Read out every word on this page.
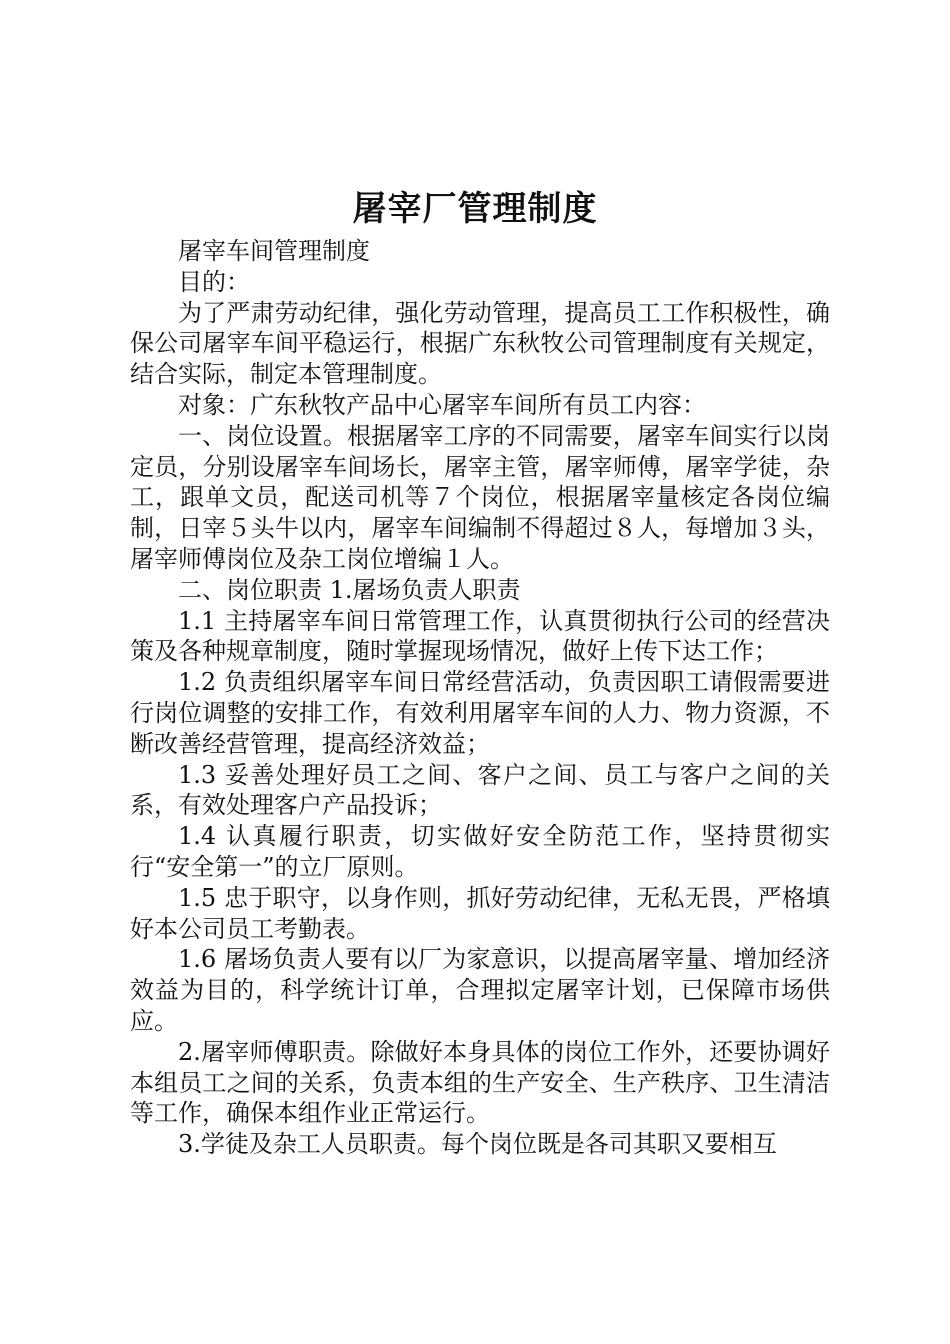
屠宰厂管理制度

屠宰车间管理制度

目的：

为了严肃劳动纪律，强化劳动管理，提高员工工作积极性，确保公司屠宰车间平稳运行，根据广东秋牧公司管理制度有关规定，结合实际，制定本管理制度。

对象：广东秋牧产品中心屠宰车间所有员工内容：

一、岗位设置。根据屠宰工序的不同需要，屠宰车间实行以岗定员，分别设屠宰车间场长，屠宰主管，屠宰师傅，屠宰学徒，杂工，跟单文员，配送司机等７个岗位，根据屠宰量核定各岗位编制，日宰５头牛以内，屠宰车间编制不得超过８人，每增加３头，屠宰师傅岗位及杂工岗位增编１人。

二、岗位职责 1.屠场负责人职责

1.1 主持屠宰车间日常管理工作，认真贯彻执行公司的经营决策及各种规章制度，随时掌握现场情况，做好上传下达工作；

1.2 负责组织屠宰车间日常经营活动，负责因职工请假需要进行岗位调整的安排工作，有效利用屠宰车间的人力、物力资源，不断改善经营管理，提高经济效益；

1.3 妥善处理好员工之间、客户之间、员工与客户之间的关系，有效处理客户产品投诉；

1.4 认真履行职责，切实做好安全防范工作，坚持贯彻实行“安全第一”的立厂原则。

1.5 忠于职守，以身作则，抓好劳动纪律，无私无畏，严格填好本公司员工考勤表。

1.6 屠场负责人要有以厂为家意识，以提高屠宰量、增加经济效益为目的，科学统计订单，合理拟定屠宰计划，已保障市场供应。

2.屠宰师傅职责。除做好本身具体的岗位工作外，还要协调好本组员工之间的关系，负责本组的生产安全、生产秩序、卫生清洁等工作，确保本组作业正常运行。

3.学徒及杂工人员职责。每个岗位既是各司其职又要相互
